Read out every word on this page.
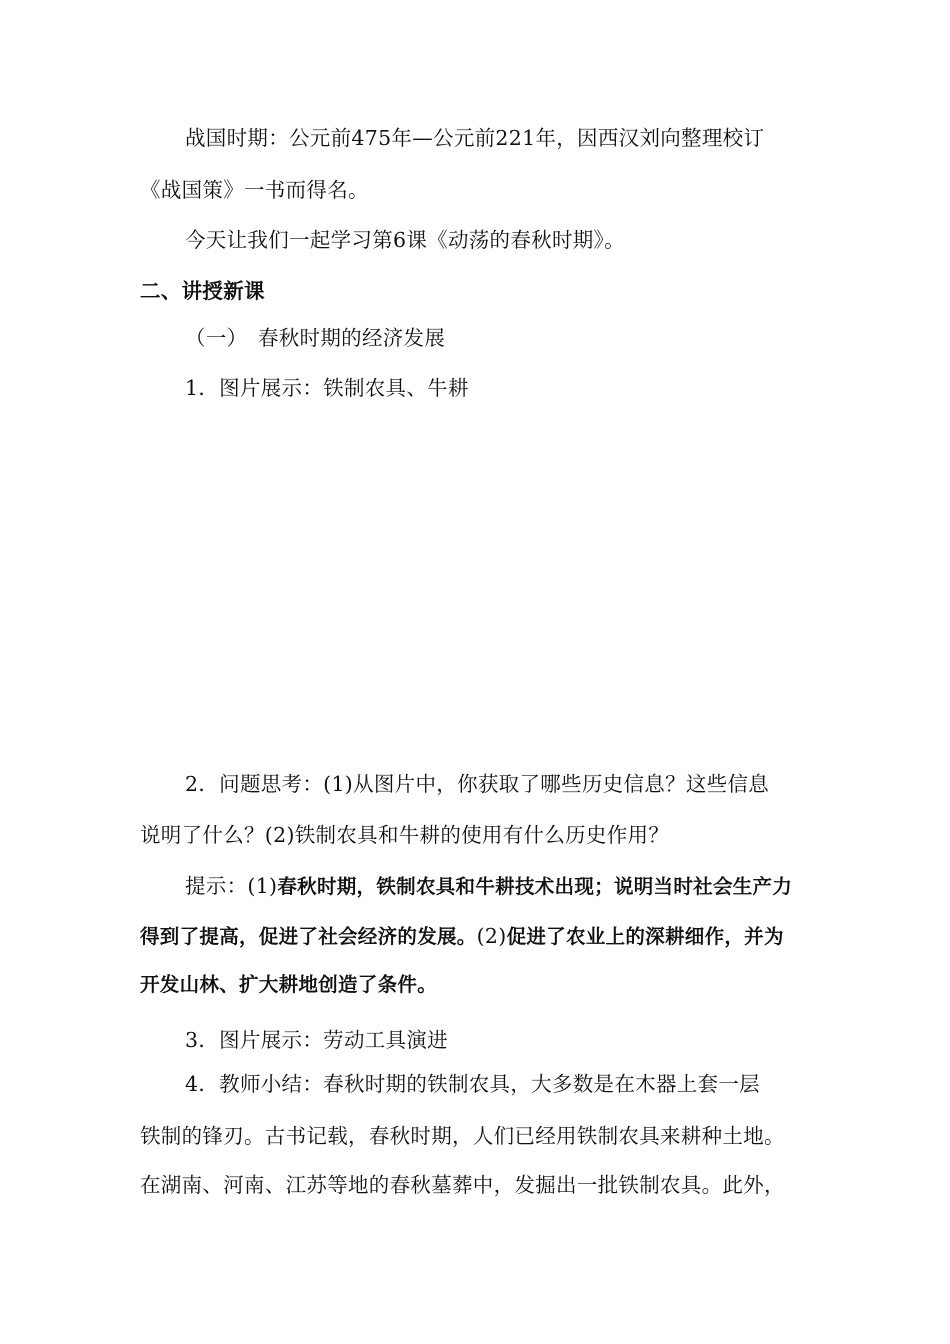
战国时期：公元前475年—公元前221年，因西汉刘向整理校订
《战国策》一书而得名。
今天让我们一起学习第6课《动荡的春秋时期》。
二、讲授新课
（一）　春秋时期的经济发展
1．图片展示：铁制农具、牛耕
2．问题思考：(1)从图片中，你获取了哪些历史信息？这些信息
说明了什么？(2)铁制农具和牛耕的使用有什么历史作用？
提示：(1)春秋时期，铁制农具和牛耕技术出现；说明当时社会生产力
得到了提高，促进了社会经济的发展。(2)促进了农业上的深耕细作，并为
开发山林、扩大耕地创造了条件。
3．图片展示：劳动工具演进
4．教师小结：春秋时期的铁制农具，大多数是在木器上套一层
铁制的锋刃。古书记载，春秋时期，人们已经用铁制农具来耕种土地。
在湖南、河南、江苏等地的春秋墓葬中，发掘出一批铁制农具。此外，
